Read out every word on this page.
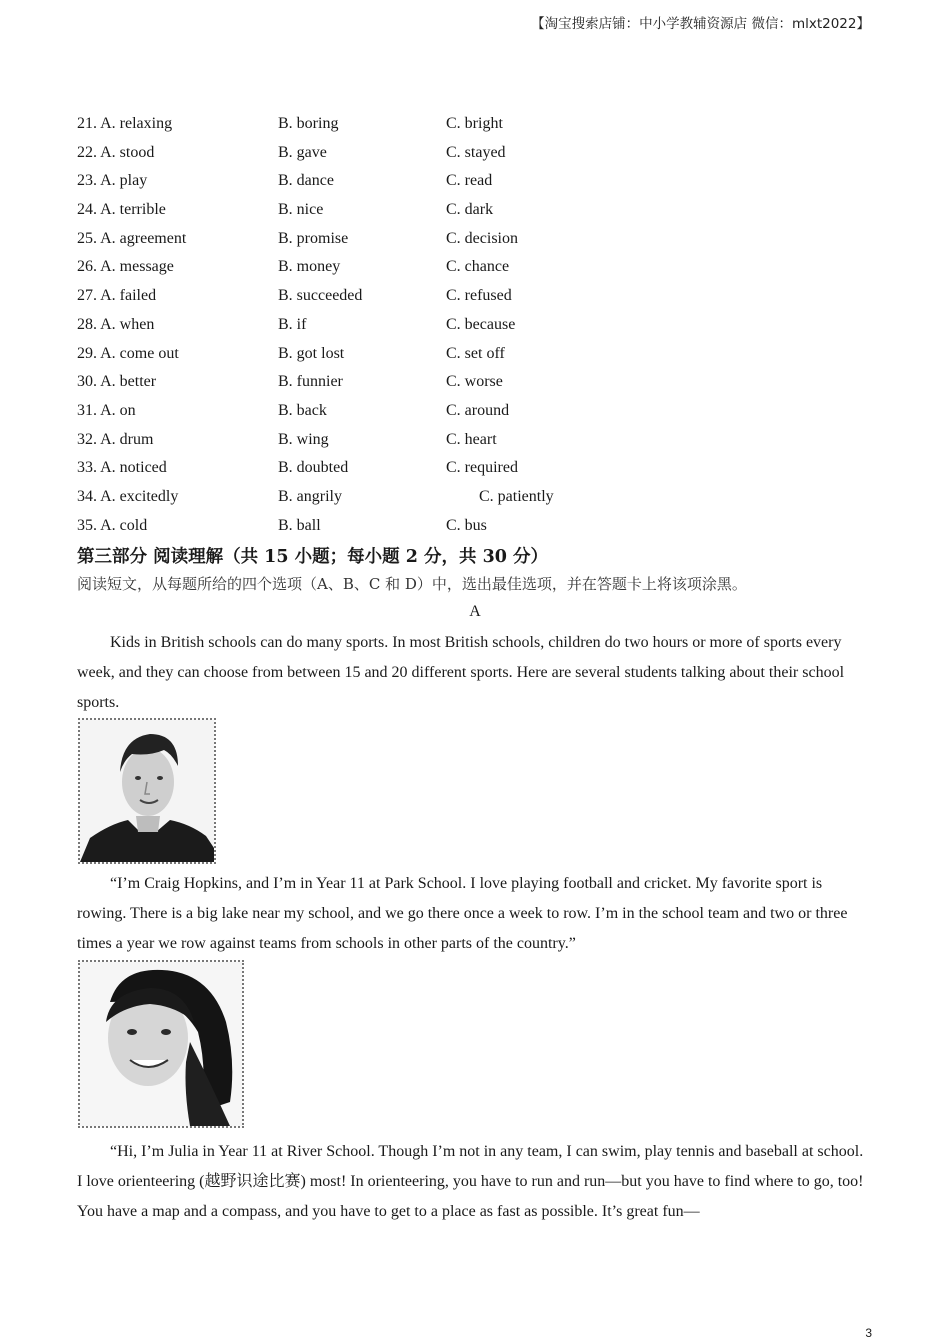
【淘宝搜索店铺：中小学教辅资源店 微信：mlxt2022】
21. A. relaxing	B. boring	C. bright
22. A. stood	B. gave	C. stayed
23. A. play	B. dance	C. read
24. A. terrible	B. nice	C. dark
25. A. agreement	B. promise	C. decision
26. A. message	B. money	C. chance
27. A. failed	B. succeeded	C. refused
28. A. when	B. if	C. because
29. A. come out	B. got lost	C. set off
30. A. better	B. funnier	C. worse
31. A. on	B. back	C. around
32. A. drum	B. wing	C. heart
33. A. noticed	B. doubted	C. required
34. A. excitedly	B. angrily	C. patiently
35. A. cold	B. ball	C. bus
第三部分 阅读理解（共 15 小题；每小题 2 分，共 30 分）
阅读短文，从每题所给的四个选项（A、B、C 和 D）中，选出最佳选项，并在答题卡上将该项涂黑。
A

Kids in British schools can do many sports. In most British schools, children do two hours or more of sports every week, and they can choose from between 15 and 20 different sports. Here are several students talking about their school sports.

“I’m Craig Hopkins, and I’m in Year 11 at Park School. I love playing football and cricket. My favorite sport is rowing. There is a big lake near my school, and we go there once a week to row. I’m in the school team and two or three times a year we row against teams from schools in other parts of the country.”

“Hi, I’m Julia in Year 11 at River School. Though I’m not in any team, I can swim, play tennis and baseball at school. I love orienteering (越野识途比赛) most! In orienteering, you have to run and run—but you have to find where to go, too! You have a map and a compass, and you have to get to a place as fast as possible. It’s great fun—

3
